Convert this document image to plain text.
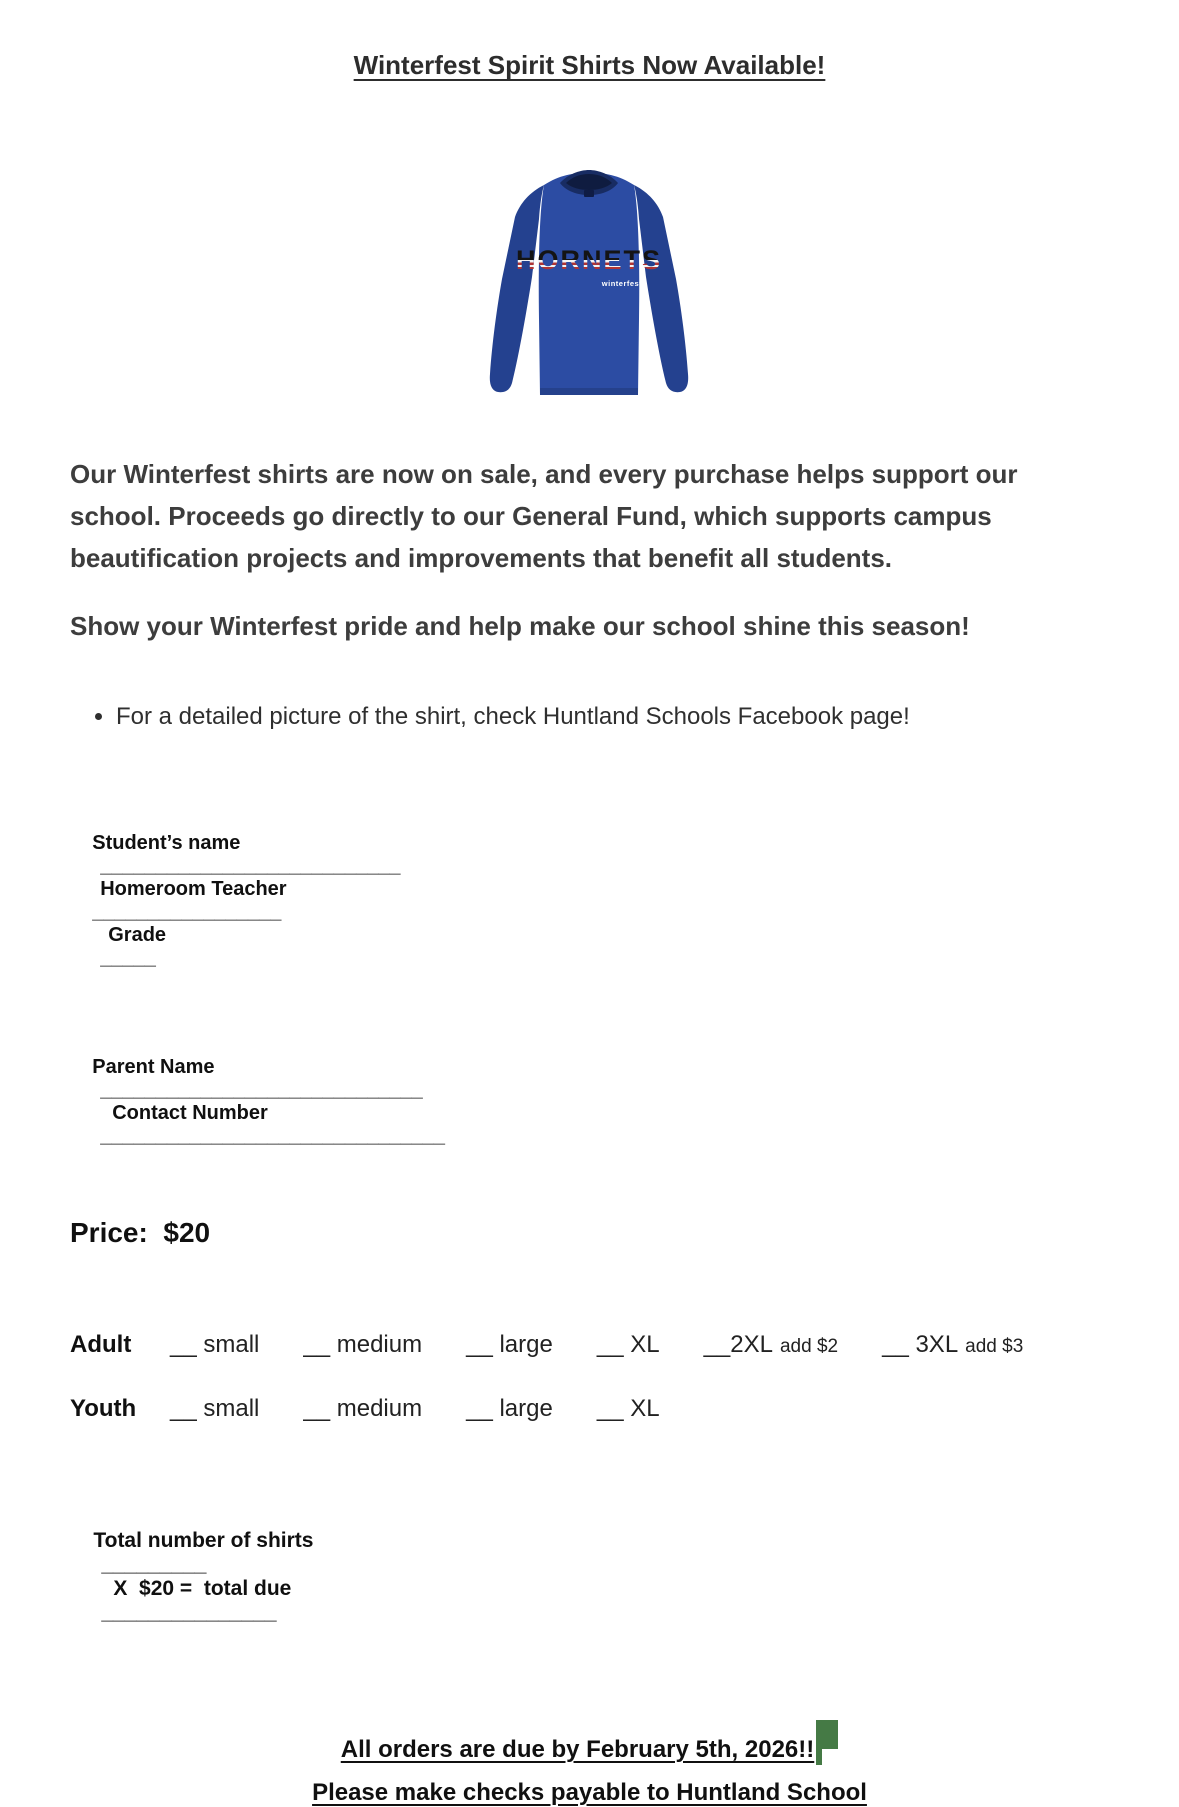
Winterfest Spirit Shirts Now Available!
HORNETS
winterfest

Our Winterfest shirts are now on sale, and every purchase helps support our school. Proceeds go directly to our General Fund, which supports campus beautification projects and improvements that benefit all students.

Show your Winterfest pride and help make our school shine this season!

• For a detailed picture of the shirt, check Huntland Schools Facebook page!

Student’s name
___________________________
Homeroom Teacher
_________________
Grade
_____

Parent Name
_____________________________
Contact Number
_______________________________

Price:  $20
Adult	__ small __ medium __ large __ XL __2XL add $2 __ 3XL add $3
Youth	__ small __ medium __ large __ XL

Total number of shirts
_________
X  $20 =  total due
_______________

All orders are due by February 5th, 2026!!
Please make checks payable to Huntland School
